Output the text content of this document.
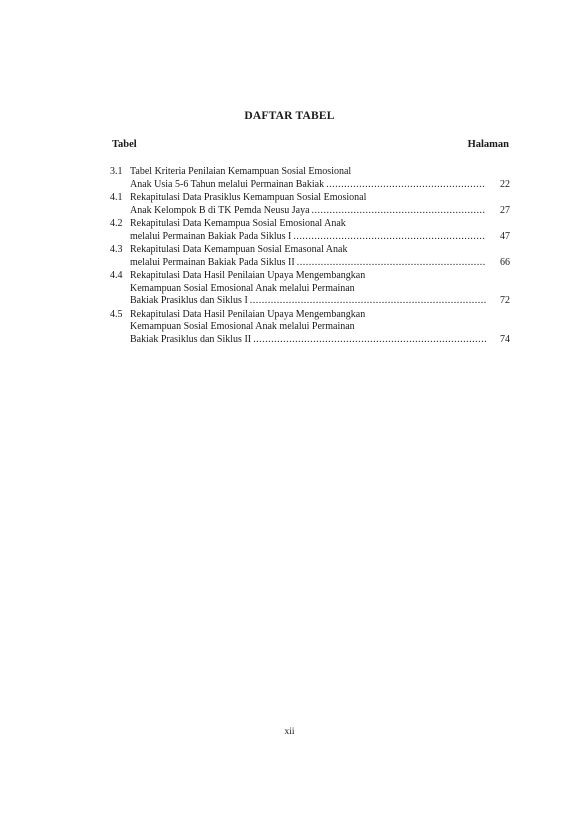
DAFTAR TABEL
Tabel	Halaman
3.1 Tabel Kriteria Penilaian Kemampuan Sosial Emosional
Anak Usia 5-6 Tahun melalui Permainan Bakiak .....	22
4.1 Rekapitulasi Data Prasiklus Kemampuan Sosial Emosional
Anak Kelompok B di TK Pemda Neusu Jaya .....	27
4.2 Rekapitulasi Data Kemampua Sosial Emosional Anak
melalui Permainan Bakiak Pada Siklus I .....	47
4.3 Rekapitulasi Data Kemampuan Sosial Emasonal Anak
melalui Permainan Bakiak Pada Siklus II .....	66
4.4 Rekapitulasi Data Hasil Penilaian Upaya Mengembangkan
Kemampuan Sosial Emosional Anak melalui Permainan
Bakiak Prasiklus dan Siklus I .....	72
4.5 Rekapitulasi Data Hasil Penilaian Upaya Mengembangkan
Kemampuan Sosial Emosional Anak melalui Permainan
Bakiak Prasiklus dan Siklus II .....	74
xii
